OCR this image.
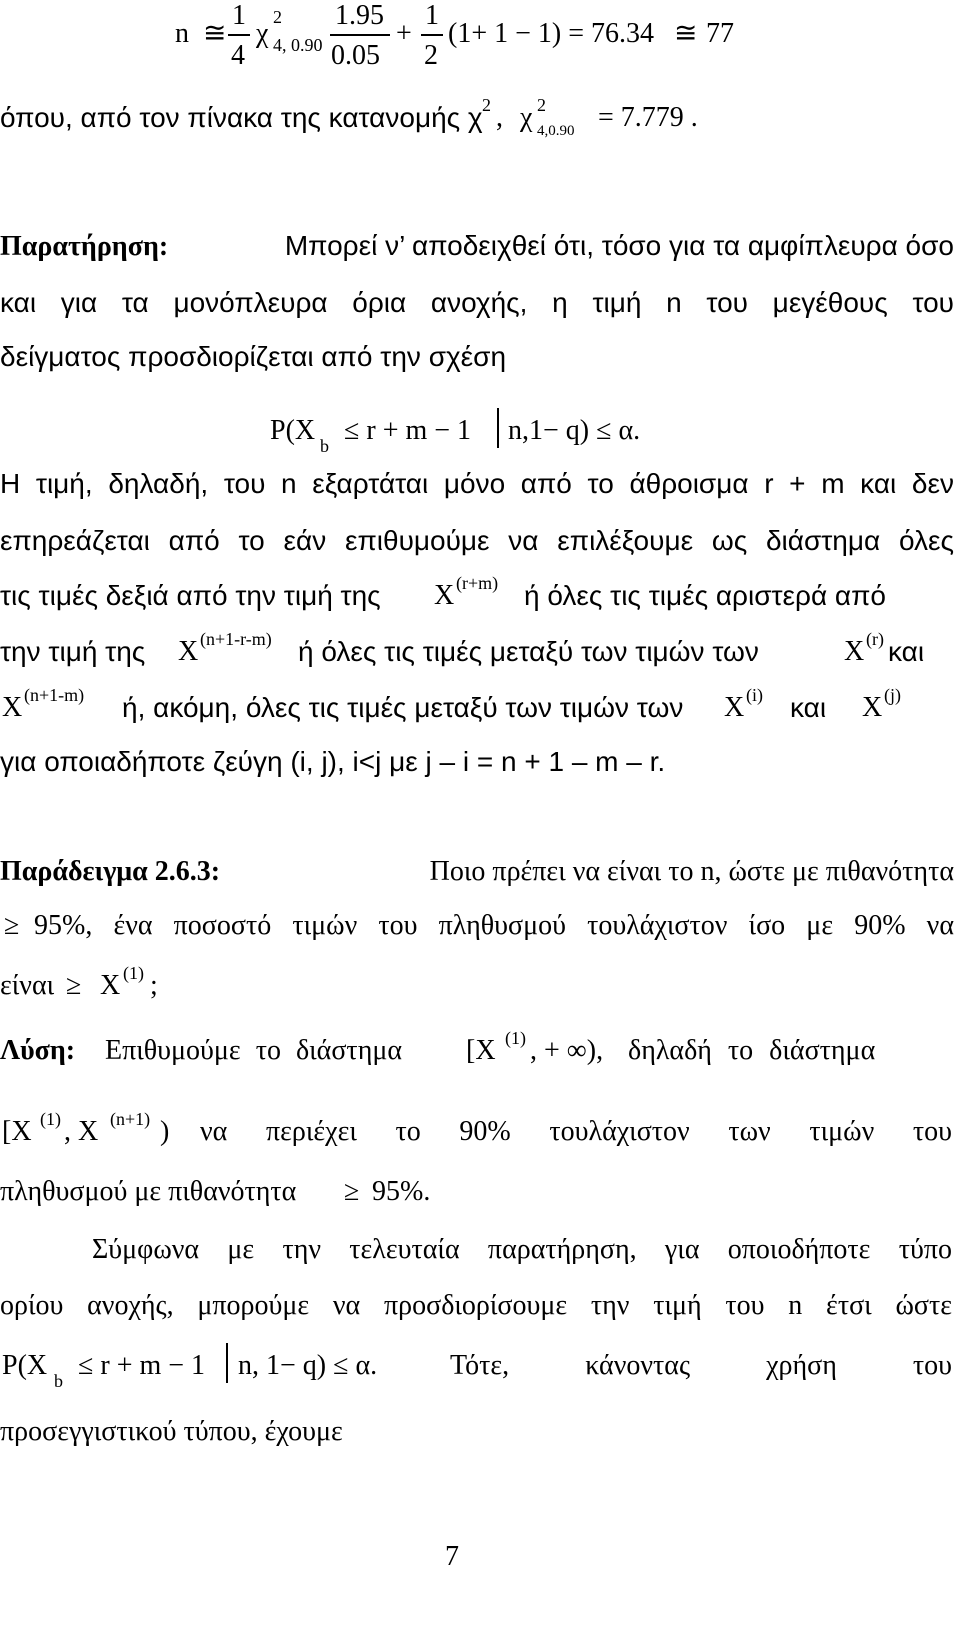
n ≅
1
4
χ
2
4, 0.90
1.95
0.05
+
1
2
(1+ 1 − 1) = 76.34 ≅ 77
όπου, από τον πίνακα της κατανομής χ 2 , χ 2
4,0.90 = 7.779 .
Παρατήρηση:	Μπορεί ν’ αποδειχθεί ότι, τόσο για τα αμφίπλευρα όσο
και για τα μονόπλευρα όρια ανοχής, η τιμή n του μεγέθους του
δείγματος προσδιορίζεται από την σχέση
P(X b ≤ r + m − 1 n,1− q) ≤ α.
Η τιμή, δηλαδή, του n εξαρτάται μόνο από το άθροισμα r + m και δεν
επηρεάζεται από το εάν επιθυμούμε να επιλέξουμε ως διάστημα όλες
τις τιμές δεξιά από την τιμή της X (r+m) ή όλες τις τιμές αριστερά από
την τιμή της X (n+1-r-m) ή όλες τις τιμές μεταξύ των τιμών των	X (r) και
X (n+1-m) ή, ακόμη, όλες τις τιμές μεταξύ των τιμών των X (i) και X (j)
για οποιαδήποτε ζεύγη (i, j), i<j με j – i = n + 1 – m – r.
Παράδειγμα 2.6.3:	Ποιο πρέπει να είναι το n, ώστε με πιθανότητα
≥ 95%, ένα ποσοστό τιμών του πληθυσμού τουλάχιστον ίσο με 90% να
είναι ≥ X (1) ;
Λύση: Επιθυμούμε το διάστημα [X (1) , + ∞), δηλαδή το διάστημα
[X (1) , X (n+1) ) να περιέχει το 90% τουλάχιστον των τιμών του
πληθυσμού με πιθανότητα ≥ 95%.
Σύμφωνα με την τελευταία παρατήρηση, για οποιοδήποτε τύπο
ορίου ανοχής, μπορούμε να προσδιορίσουμε την τιμή του n έτσι ώστε
P(X b ≤ r + m − 1 n, 1− q) ≤ α.	Τότε,	κάνοντας	χρήση	του
προσεγγιστικού τύπου, έχουμε
7
